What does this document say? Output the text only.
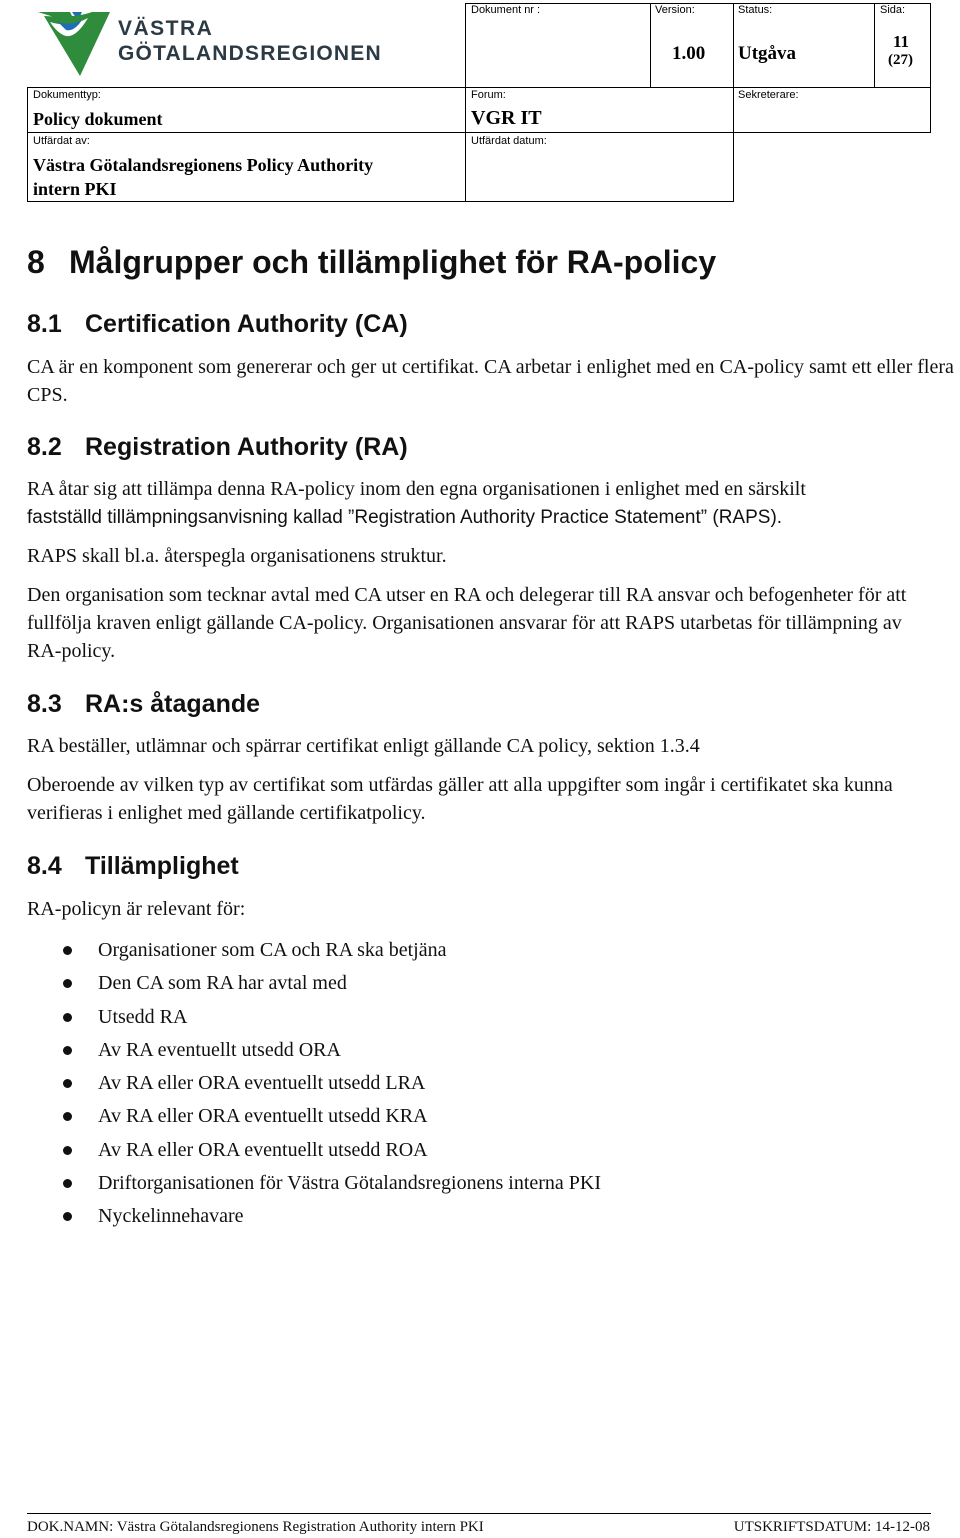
VÄSTRA
GÖTALANDSREGIONEN
Dokument nr :	Version:
1.00
Status:
Utgåva
Sida:
11
(27)
Dokumenttyp:
Policy dokument
Forum:
VGR IT
Sekreterare:
Utfärdat av:
Västra Götalandsregionens Policy Authority
intern PKI
Utfärdat datum:
8 Målgrupper och tillämplighet för RA-policy
8.1 Certification Authority (CA)
CA är en komponent som genererar och ger ut certifikat. CA arbetar i enlighet med en CA-policy samt ett eller flera CPS.
8.2 Registration Authority (RA)
RA åtar sig att tillämpa denna RA-policy inom den egna organisationen i enlighet med en särskilt
fastställd tillämpningsanvisning kallad ”Registration Authority Practice Statement” (RAPS).
RAPS skall bl.a. återspegla organisationens struktur.
Den organisation som tecknar avtal med CA utser en RA och delegerar till RA ansvar och befogenheter för att fullfölja kraven enligt gällande CA-policy. Organisationen ansvarar för att RAPS utarbetas för tillämpning av RA-policy.
8.3 RA:s åtagande
RA beställer, utlämnar och spärrar certifikat enligt gällande CA policy, sektion 1.3.4
Oberoende av vilken typ av certifikat som utfärdas gäller att alla uppgifter som ingår i certifikatet ska kunna verifieras i enlighet med gällande certifikatpolicy.
8.4 Tillämplighet
RA-policyn är relevant för:
Organisationer som CA och RA ska betjäna
Den CA som RA har avtal med
Utsedd RA
Av RA eventuellt utsedd ORA
Av RA eller ORA eventuellt utsedd LRA
Av RA eller ORA eventuellt utsedd KRA
Av RA eller ORA eventuellt utsedd ROA
Driftorganisationen för Västra Götalandsregionens interna PKI
Nyckelinnehavare
DOK.NAMN: Västra Götalandsregionens Registration Authority intern PKI	UTSKRIFTSDATUM: 14-12-08
